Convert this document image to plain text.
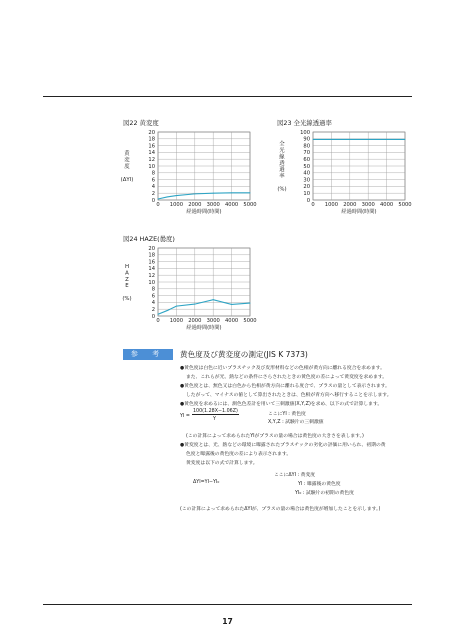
図22 黄変度
0 1000 2000 3000 4000 5000
0
2
4
6
8
10
12
14
16
18
20
経過時間(時間)
黄
変
度
(ΔYI)
図23 全光線透過率
0 1000 2000 3000 4000 5000
0
10
20
30
40
50
60
70
80
90
100
経過時間(時間)
全
光
線
透
過
率
(%)
図24 HAZE(曇度)
0 1000 2000 3000 4000 5000
0
2
4
6
8
10
12
14
16
18
20
経過時間(時間)
H
A
Z
E
(%)
参 考	黄色度及び黄変度の測定(JIS K 7373)
●黄色度は白色に近いプラスチック及び皮形材料などの色相が黄方向に離れる度合を求めます。
また、これらが光、熱などの条件にさらされたときの黄色度の差によって黄変度を求めます。
●黄色度とは、無色又は白色から色相が黄方向に離れる度合で、プラスの量として表示されます。
したがって、マイナスの値として算出されたときは、色相が青方向へ移行することを示します。
●黄色度を求めるには、測色色差計を用いて三刺激値(X,Y,Z)を求め、以下の式で計算します。
YI =
100(1.28X−1.06Z)
Y
ここにYI : 黄色度
X,Y,Z : 試験片の三刺激値
(この計算によって求められたYIがプラスの量の場合は黄色度の大きさを表します。)
●黄変度とは、光、熱などの環境に曝露されたプラスチックの劣化の評価に用いられ、初期の黄
色度と曝露後の黄色度の差により表示されます。
黄変度は以下の式で計算します。
ここにΔYI : 黄変度
ΔYI=YI−YI₀	YI : 曝露後の黄色度
YI₀ : 試験片の初期の黄色度
(この計算によって求められたΔYIが、プラスの量の場合は黄色度が増加したことを示します。)
17
